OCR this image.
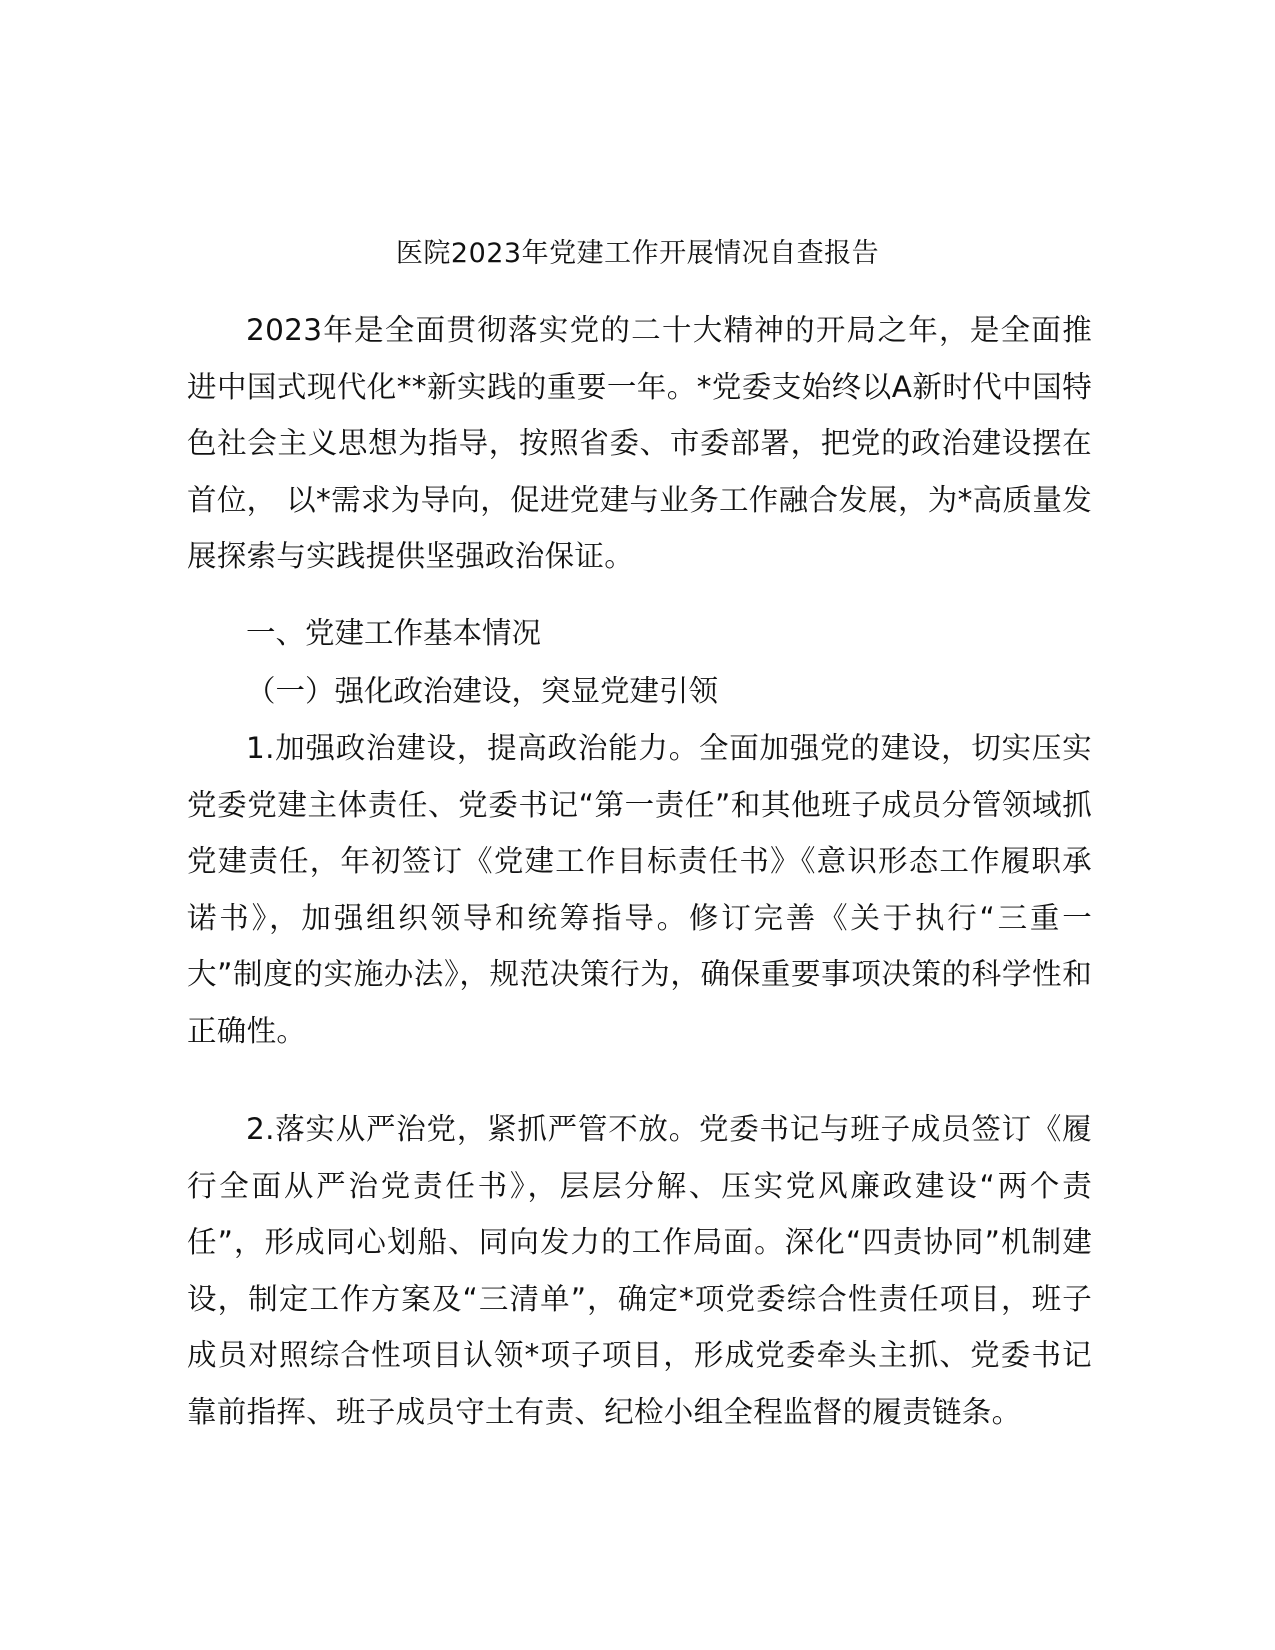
医院2023年党建工作开展情况自查报告

2023年是全面贯彻落实党的二十大精神的开局之年，是全面推进中国式现代化**新实践的重要一年。*党委支始终以A新时代中国特色社会主义思想为指导，按照省委、市委部署，把党的政治建设摆在首位， 以*需求为导向，促进党建与业务工作融合发展，为*高质量发展探索与实践提供坚强政治保证。

一、党建工作基本情况
（一）强化政治建设，突显党建引领

1.加强政治建设，提高政治能力。全面加强党的建设，切实压实党委党建主体责任、党委书记“第一责任”和其他班子成员分管领域抓党建责任，年初签订《党建工作目标责任书》《意识形态工作履职承诺书》，加强组织领导和统筹指导。修订完善《关于执行“三重一大”制度的实施办法》，规范决策行为，确保重要事项决策的科学性和正确性。

2.落实从严治党，紧抓严管不放。党委书记与班子成员签订《履行全面从严治党责任书》，层层分解、压实党风廉政建设“两个责任”，形成同心划船、同向发力的工作局面。深化“四责协同”机制建设，制定工作方案及“三清单”，确定*项党委综合性责任项目，班子成员对照综合性项目认领*项子项目，形成党委牵头主抓、党委书记靠前指挥、班子成员守土有责、纪检小组全程监督的履责链条。
